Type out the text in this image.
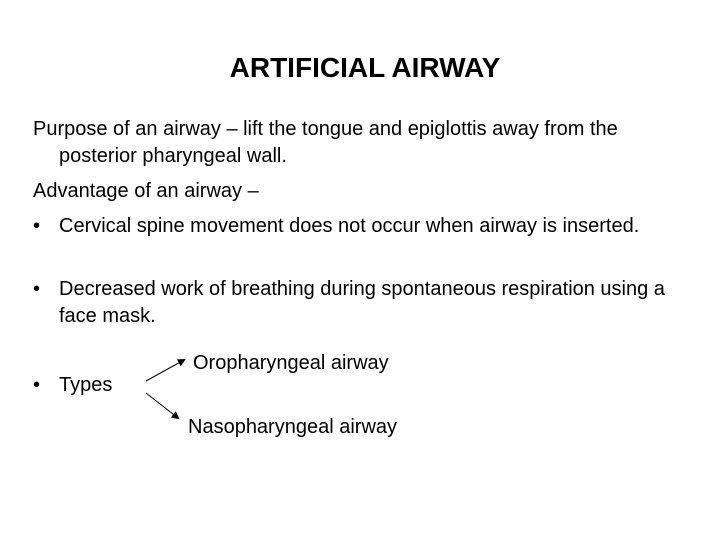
ARTIFICIAL AIRWAY
Purpose of an airway – lift the tongue and epiglottis away from the posterior pharyngeal wall.
Advantage of an airway –
• Cervical spine movement does not occur when airway is inserted.
• Decreased work of breathing during spontaneous respiration using a face mask.
• Types
Oropharyngeal airway
Nasopharyngeal airway
